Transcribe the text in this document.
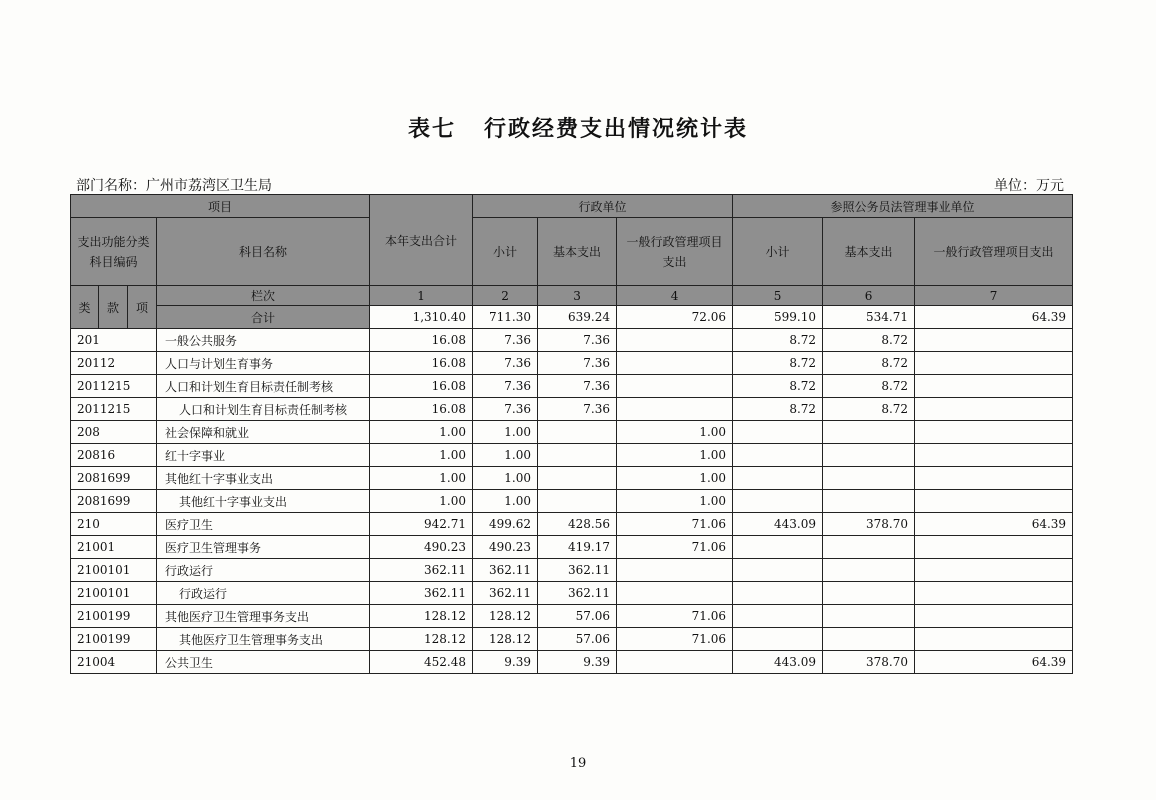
表七 行政经费支出情况统计表
部门名称：广州市荔湾区卫生局	单位：万元
项目				本年支出合计	行政单位			参照公务员法管理事业单位		
支出功能分类科目编码			科目名称		小计	基本支出	一般行政管理项目支出	小计	基本支出	一般行政管理项目支出
类	款	项	栏次	1	2	3	4	5	6	7
			合计	1,310.40	711.30	639.24	72.06	599.10	534.71	64.39
201			一般公共服务	16.08	7.36	7.36		8.72	8.72	
20112			人口与计划生育事务	16.08	7.36	7.36		8.72	8.72	
2011215			人口和计划生育目标责任制考核	16.08	7.36	7.36		8.72	8.72	
2011215			人口和计划生育目标责任制考核	16.08	7.36	7.36		8.72	8.72	
208			社会保障和就业	1.00	1.00		1.00			
20816			红十字事业	1.00	1.00		1.00			
2081699			其他红十字事业支出	1.00	1.00		1.00			
2081699			其他红十字事业支出	1.00	1.00		1.00			
210			医疗卫生	942.71	499.62	428.56	71.06	443.09	378.70	64.39
21001			医疗卫生管理事务	490.23	490.23	419.17	71.06			
2100101			行政运行	362.11	362.11	362.11				
2100101			行政运行	362.11	362.11	362.11				
2100199			其他医疗卫生管理事务支出	128.12	128.12	57.06	71.06			
2100199			其他医疗卫生管理事务支出	128.12	128.12	57.06	71.06			
21004			公共卫生	452.48	9.39	9.39		443.09	378.70	64.39
19
